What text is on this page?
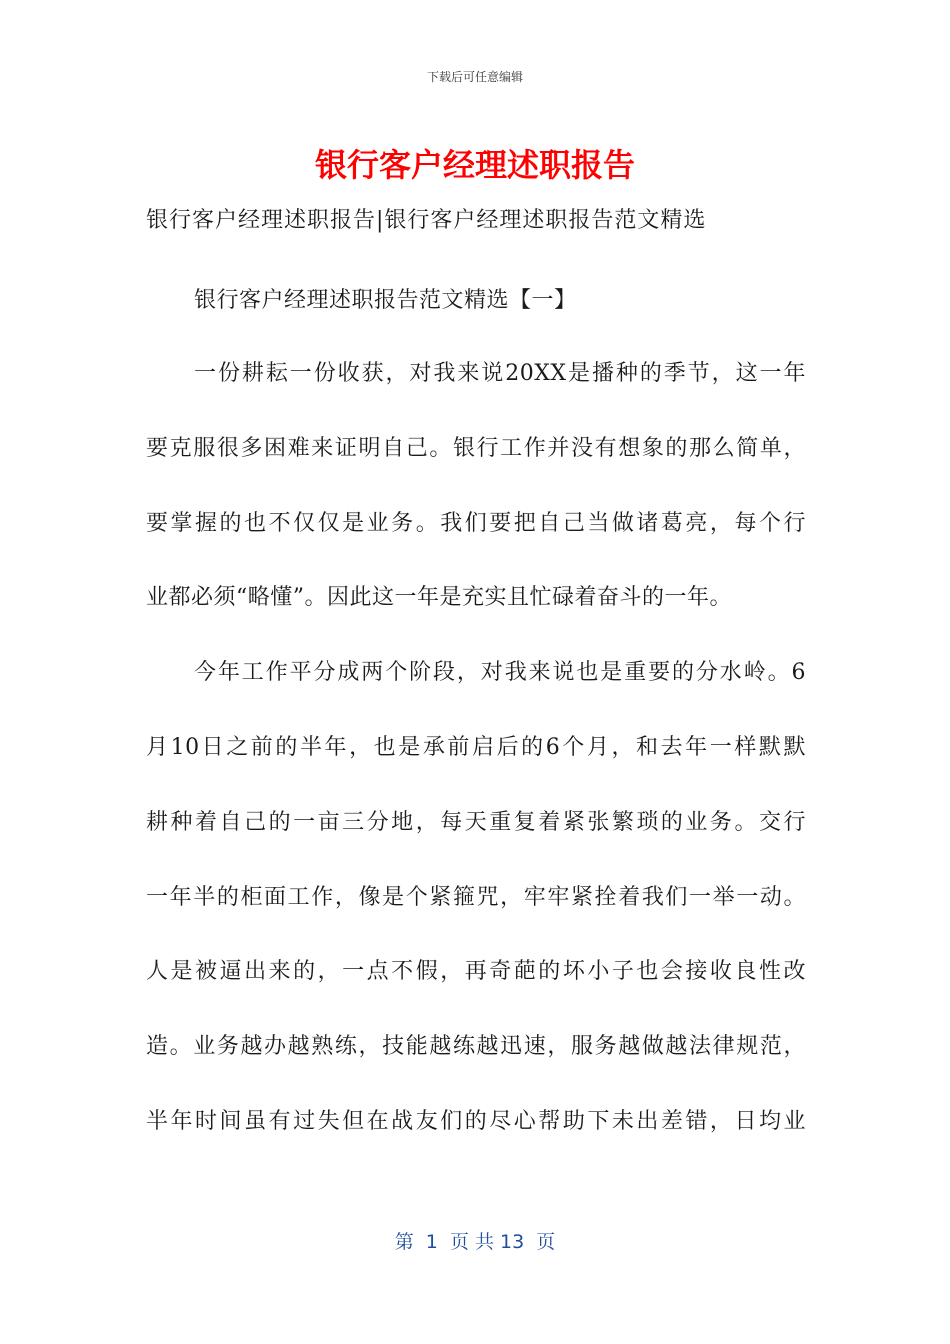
下载后可任意编辑
银行客户经理述职报告
银行客户经理述职报告|银行客户经理述职报告范文精选
银行客户经理述职报告范文精选【一】
一份耕耘一份收获，对我来说20XX是播种的季节，这一年
要克服很多困难来证明自己。银行工作并没有想象的那么简单，
要掌握的也不仅仅是业务。我们要把自己当做诸葛亮，每个行
业都必须“略懂”。因此这一年是充实且忙碌着奋斗的一年。
今年工作平分成两个阶段，对我来说也是重要的分水岭。6
月10日之前的半年，也是承前启后的6个月，和去年一样默默
耕种着自己的一亩三分地，每天重复着紧张繁琐的业务。交行
一年半的柜面工作，像是个紧箍咒，牢牢紧拴着我们一举一动。
人是被逼出来的，一点不假，再奇葩的坏小子也会接收良性改
造。业务越办越熟练，技能越练越迅速，服务越做越法律规范，
半年时间虽有过失但在战友们的尽心帮助下未出差错，日均业
第  1  页 共 13  页
